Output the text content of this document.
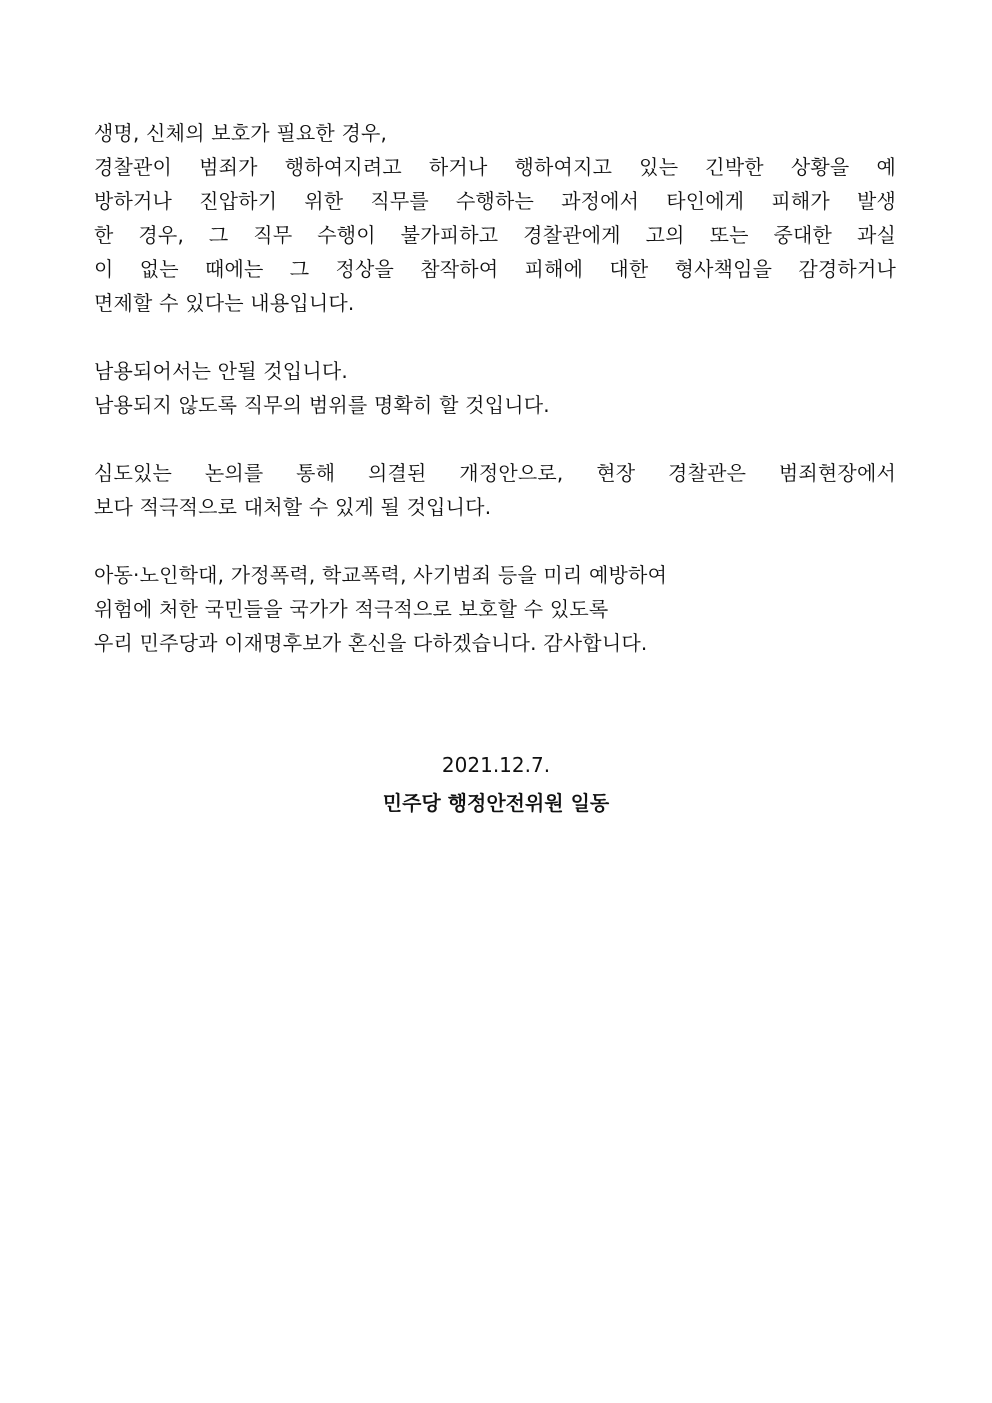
생명, 신체의 보호가 필요한 경우,
경찰관이 범죄가 행하여지려고 하거나 행하여지고 있는 긴박한 상황을 예
방하거나 진압하기 위한 직무를 수행하는 과정에서 타인에게 피해가 발생
한 경우, 그 직무 수행이 불가피하고 경찰관에게 고의 또는 중대한 과실
이 없는 때에는 그 정상을 참작하여 피해에 대한 형사책임을 감경하거나
면제할 수 있다는 내용입니다.
남용되어서는 안될 것입니다.
남용되지 않도록 직무의 범위를 명확히 할 것입니다.
심도있는 논의를 통해 의결된 개정안으로, 현장 경찰관은 범죄현장에서
보다 적극적으로 대처할 수 있게 될 것입니다.
아동·노인학대, 가정폭력, 학교폭력, 사기범죄 등을 미리 예방하여
위험에 처한 국민들을 국가가 적극적으로 보호할 수 있도록
우리 민주당과 이재명후보가 혼신을 다하겠습니다. 감사합니다.
2021.12.7.
민주당 행정안전위원 일동
